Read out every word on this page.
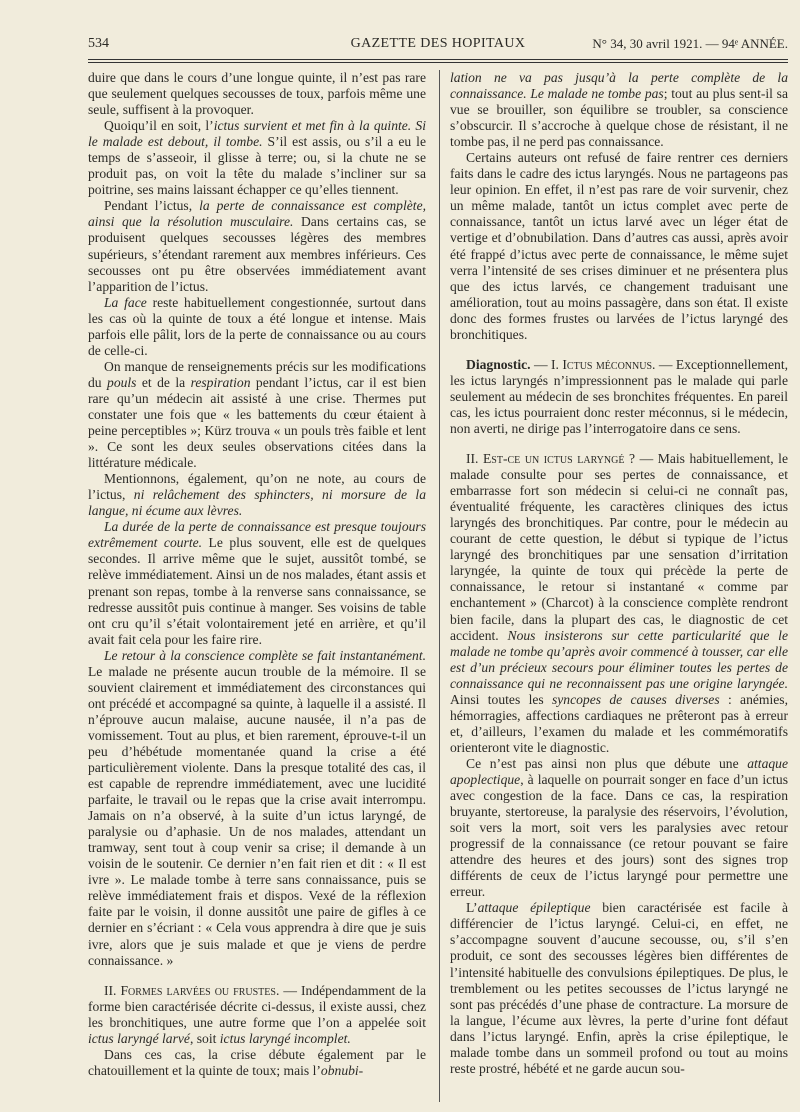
534	GAZETTE DES HOPITAUX	N° 34, 30 avril 1921. — 94ᵉ ANNÉE.

duire que dans le cours d’une longue quinte, il n’est pas rare que seulement quelques secousses de toux, parfois même une seule, suffisent à la provoquer.

Quoiqu’il en soit, l’ictus survient et met fin à la quinte. Si le malade est debout, il tombe. S’il est assis, ou s’il a eu le temps de s’asseoir, il glisse à terre; ou, si la chute ne se produit pas, on voit la tête du malade s’incliner sur sa poitrine, ses mains laissant échapper ce qu’elles tiennent.

Pendant l’ictus, la perte de connaissance est complète, ainsi que la résolution musculaire. Dans certains cas, se produisent quelques secousses légères des membres supérieurs, s’étendant rarement aux membres inférieurs. Ces secousses ont pu être observées immédiatement avant l’apparition de l’ictus.

La face reste habituellement congestionnée, surtout dans les cas où la quinte de toux a été longue et intense. Mais parfois elle pâlit, lors de la perte de connaissance ou au cours de celle-ci.

On manque de renseignements précis sur les modifications du pouls et de la respiration pendant l’ictus, car il est bien rare qu’un médecin ait assisté à une crise. Thermes put constater une fois que « les battements du cœur étaient à peine perceptibles »; Kürz trouva « un pouls très faible et lent ». Ce sont les deux seules observations citées dans la littérature médicale.

Mentionnons, également, qu’on ne note, au cours de l’ictus, ni relâchement des sphincters, ni morsure de la langue, ni écume aux lèvres.

La durée de la perte de connaissance est presque toujours extrêmement courte. Le plus souvent, elle est de quelques secondes. Il arrive même que le sujet, aussitôt tombé, se relève immédiatement. Ainsi un de nos malades, étant assis et prenant son repas, tombe à la renverse sans connaissance, se redresse aussitôt puis continue à manger. Ses voisins de table ont cru qu’il s’était volontairement jeté en arrière, et qu’il avait fait cela pour les faire rire.

Le retour à la conscience complète se fait instantanément. Le malade ne présente aucun trouble de la mémoire. Il se souvient clairement et immédiatement des circonstances qui ont précédé et accompagné sa quinte, à laquelle il a assisté. Il n’éprouve aucun malaise, aucune nausée, il n’a pas de vomissement. Tout au plus, et bien rarement, éprouve-t-il un peu d’hébétude momentanée quand la crise a été particulièrement violente. Dans la presque totalité des cas, il est capable de reprendre immédiatement, avec une lucidité parfaite, le travail ou le repas que la crise avait interrompu. Jamais on n’a observé, à la suite d’un ictus laryngé, de paralysie ou d’aphasie. Un de nos malades, attendant un tramway, sent tout à coup venir sa crise; il demande à un voisin de le soutenir. Ce dernier n’en fait rien et dit : « Il est ivre ». Le malade tombe à terre sans connaissance, puis se relève immédiatement frais et dispos. Vexé de la réflexion faite par le voisin, il donne aussitôt une paire de gifles à ce dernier en s’écriant : « Cela vous apprendra à dire que je suis ivre, alors que je suis malade et que je viens de perdre connaissance. »

II. Formes larvées ou frustes. — Indépendamment de la forme bien caractérisée décrite ci-dessus, il existe aussi, chez les bronchitiques, une autre forme que l’on a appelée soit ictus laryngé larvé, soit ictus laryngé incomplet.

Dans ces cas, la crise débute également par le chatouillement et la quinte de toux; mais l’obnubi-

lation ne va pas jusqu’à la perte complète de la connaissance. Le malade ne tombe pas; tout au plus sent-il sa vue se brouiller, son équilibre se troubler, sa conscience s’obscurcir. Il s’accroche à quelque chose de résistant, il ne tombe pas, il ne perd pas connaissance.

Certains auteurs ont refusé de faire rentrer ces derniers faits dans le cadre des ictus laryngés. Nous ne partageons pas leur opinion. En effet, il n’est pas rare de voir survenir, chez un même malade, tantôt un ictus complet avec perte de connaissance, tantôt un ictus larvé avec un léger état de vertige et d’obnubilation. Dans d’autres cas aussi, après avoir été frappé d’ictus avec perte de connaissance, le même sujet verra l’intensité de ses crises diminuer et ne présentera plus que des ictus larvés, ce changement traduisant une amélioration, tout au moins passagère, dans son état. Il existe donc des formes frustes ou larvées de l’ictus laryngé des bronchitiques.

Diagnostic. — I. Ictus méconnus. — Exceptionnellement, les ictus laryngés n’impressionnent pas le malade qui parle seulement au médecin de ses bronchites fréquentes. En pareil cas, les ictus pourraient donc rester méconnus, si le médecin, non averti, ne dirige pas l’interrogatoire dans ce sens.

II. Est-ce un ictus laryngé ? — Mais habituellement, le malade consulte pour ses pertes de connaissance, et embarrasse fort son médecin si celui-ci ne connaît pas, éventualité fréquente, les caractères cliniques des ictus laryngés des bronchitiques. Par contre, pour le médecin au courant de cette question, le début si typique de l’ictus laryngé des bronchitiques par une sensation d’irritation laryngée, la quinte de toux qui précède la perte de connaissance, le retour si instantané « comme par enchantement » (Charcot) à la conscience complète rendront bien facile, dans la plupart des cas, le diagnostic de cet accident. Nous insisterons sur cette particularité que le malade ne tombe qu’après avoir commencé à tousser, car elle est d’un précieux secours pour éliminer toutes les pertes de connaissance qui ne reconnaissent pas une origine laryngée. Ainsi toutes les syncopes de causes diverses : anémies, hémorragies, affections cardiaques ne prêteront pas à erreur et, d’ailleurs, l’examen du malade et les commémoratifs orienteront vite le diagnostic.

Ce n’est pas ainsi non plus que débute une attaque apoplectique, à laquelle on pourrait songer en face d’un ictus avec congestion de la face. Dans ce cas, la respiration bruyante, stertoreuse, la paralysie des réservoirs, l’évolution, soit vers la mort, soit vers les paralysies avec retour progressif de la connaissance (ce retour pouvant se faire attendre des heures et des jours) sont des signes trop différents de ceux de l’ictus laryngé pour permettre une erreur.

L’attaque épileptique bien caractérisée est facile à différencier de l’ictus laryngé. Celui-ci, en effet, ne s’accompagne souvent d’aucune secousse, ou, s’il s’en produit, ce sont des secousses légères bien différentes de l’intensité habituelle des convulsions épileptiques. De plus, le tremblement ou les petites secousses de l’ictus laryngé ne sont pas précédés d’une phase de contracture. La morsure de la langue, l’écume aux lèvres, la perte d’urine font défaut dans l’ictus laryngé. Enfin, après la crise épileptique, le malade tombe dans un sommeil profond ou tout au moins reste prostré, hébété et ne garde aucun sou-
